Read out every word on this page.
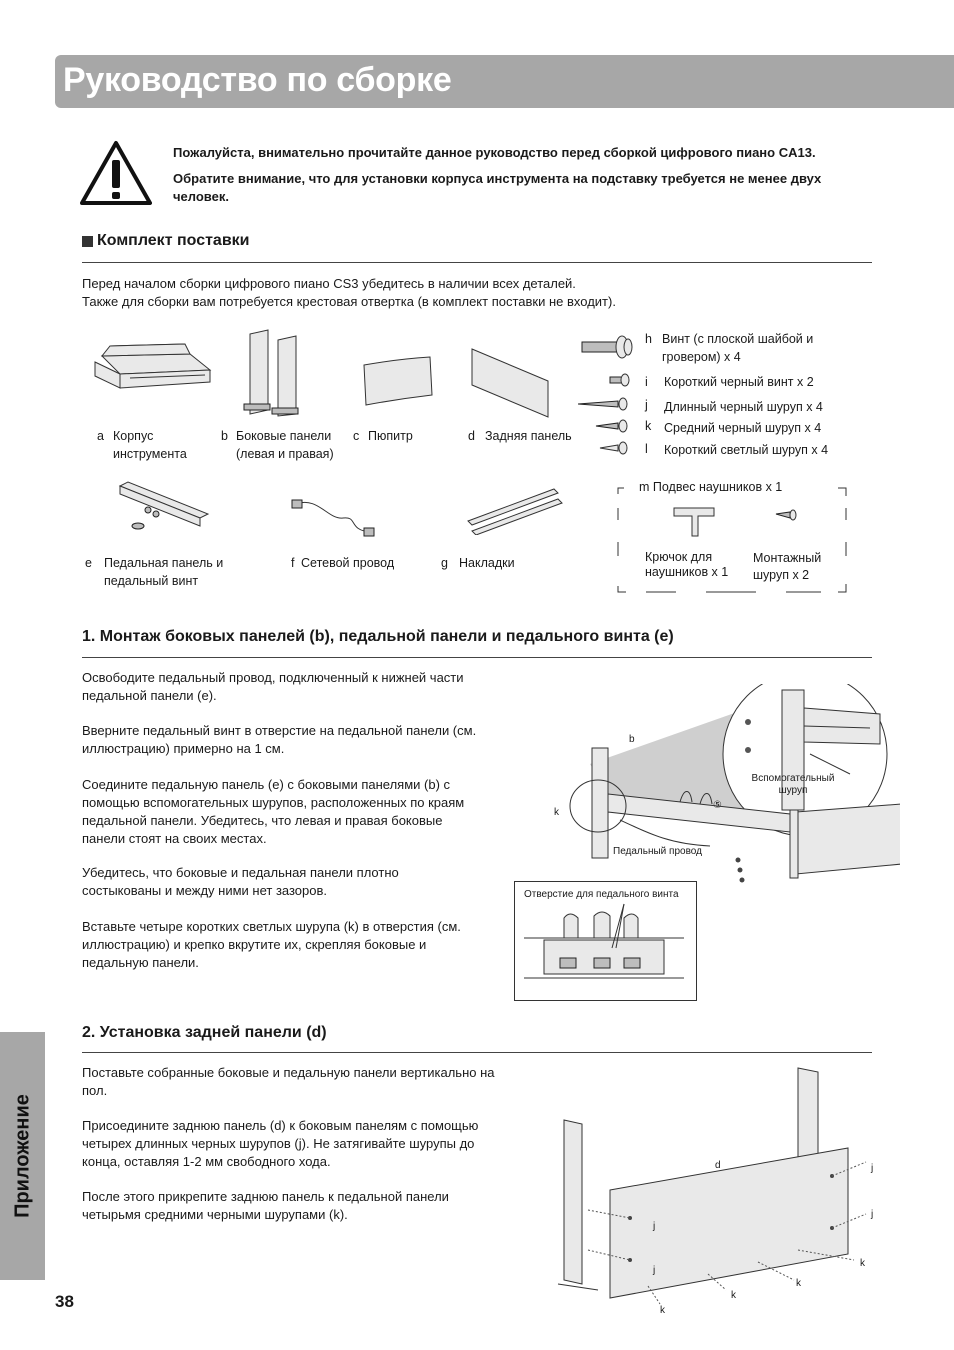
Руководство по сборке
Пожалуйста, внимательно прочитайте данное руководство перед сборкой цифрового пиано CA13.
Обратите внимание, что для установки корпуса инструмента на подставку требуется не менее двух человек.
Комплект поставки
Перед началом сборки цифрового пиано CS3 убедитесь в наличии всех деталей.
Также для сборки вам потребуется крестовая отвертка (в комплект поставки не входит).
a Корпус инструмента
b Боковые панели (левая и правая)
c Пюпитр	d Задняя панель
h Винт (с плоской шайбой и гровером) x 4
i Короткий черный винт x 2
j Длинный черный шуруп x 4
k Средний черный шуруп x 4
l Короткий светлый шуруп x 4
e Педальная панель и педальный винт
f Сетевой провод	g Накладки
m Подвес наушников x 1
Крючок для наушников x 1
Монтажный шуруп x 2
1. Монтаж боковых панелей (b), педальной панели и педального винта (e)
Освободите педальный провод, подключенный к нижней части педальной панели (e).
Вверните педальный винт в отверстие на педальной панели (см. иллюстрацию) примерно на 1 см.
Соедините педальную панель (e) с боковыми панелями (b) с помощью вспомогательных шурупов, расположенных по краям педальной панели. Убедитесь, что левая и правая боковые панели стоят на своих местах.
Убедитесь, что боковые и педальная панели плотно состыкованы и между ними нет зазоров.
Вставьте четыре коротких светлых шурупа (k) в отверстия (см. иллюстрацию) и крепко вкрутите их, скрепляя боковые и педальную панели.
b
k
⑤
Вспомогательный шуруп
Педальный провод
Отверстие для педального винта
2. Установка задней панели (d)
Поставьте собранные боковые и педальную панели вертикально на пол.
Присоедините заднюю панель (d) к боковым панелям с помощью четырех длинных черных шурупов (j). Не затягивайте шурупы до конца, оставляя 1-2 мм свободного хода.
После этого прикрепите заднюю панель к педальной панели четырьмя средними черными шурупами (k).
d
j
j
j
j
k
k
k
k
Приложение
38
